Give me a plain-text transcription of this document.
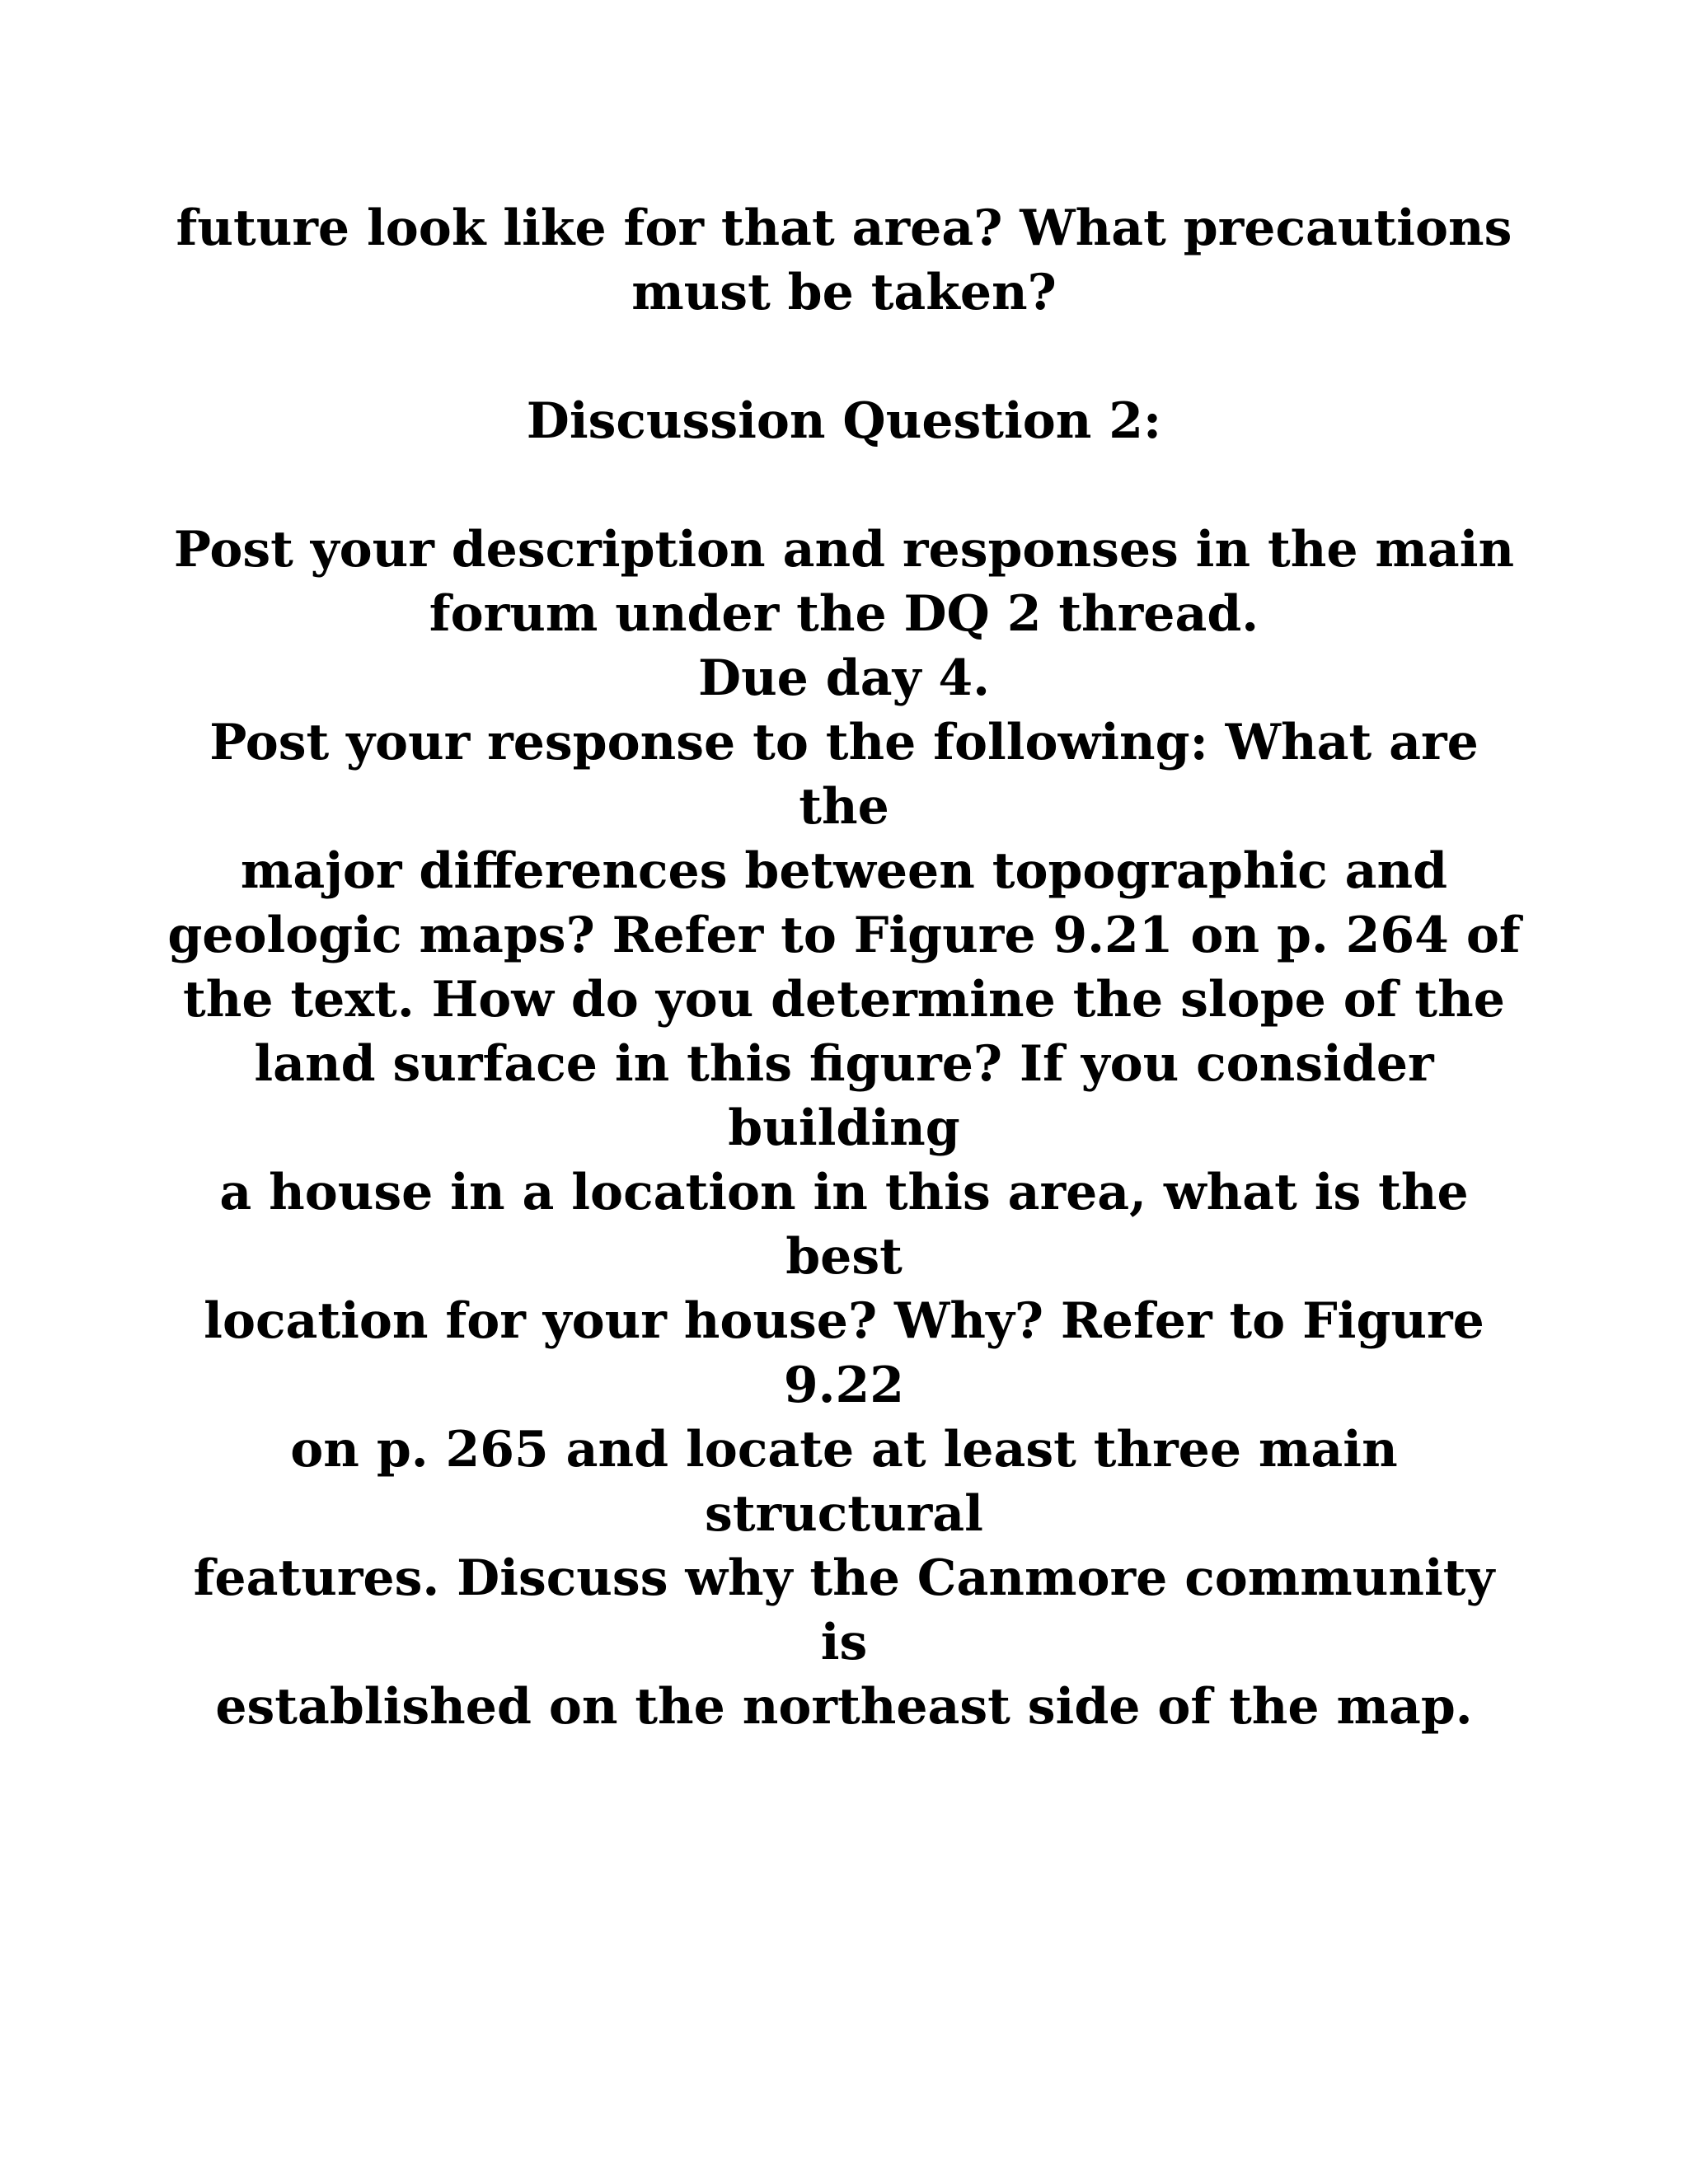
future look like for that area? What precautions
must be taken?
Discussion Question 2:
Post your description and responses in the main
forum under the DQ 2 thread.
Due day 4.
Post your response to the following: What are the
major differences between topographic and
geologic maps? Refer to Figure 9.21 on p. 264 of
the text. How do you determine the slope of the
land surface in this figure? If you consider building
a house in a location in this area, what is the best
location for your house? Why? Refer to Figure 9.22
on p. 265 and locate at least three main structural
features. Discuss why the Canmore community is
established on the northeast side of the map.
